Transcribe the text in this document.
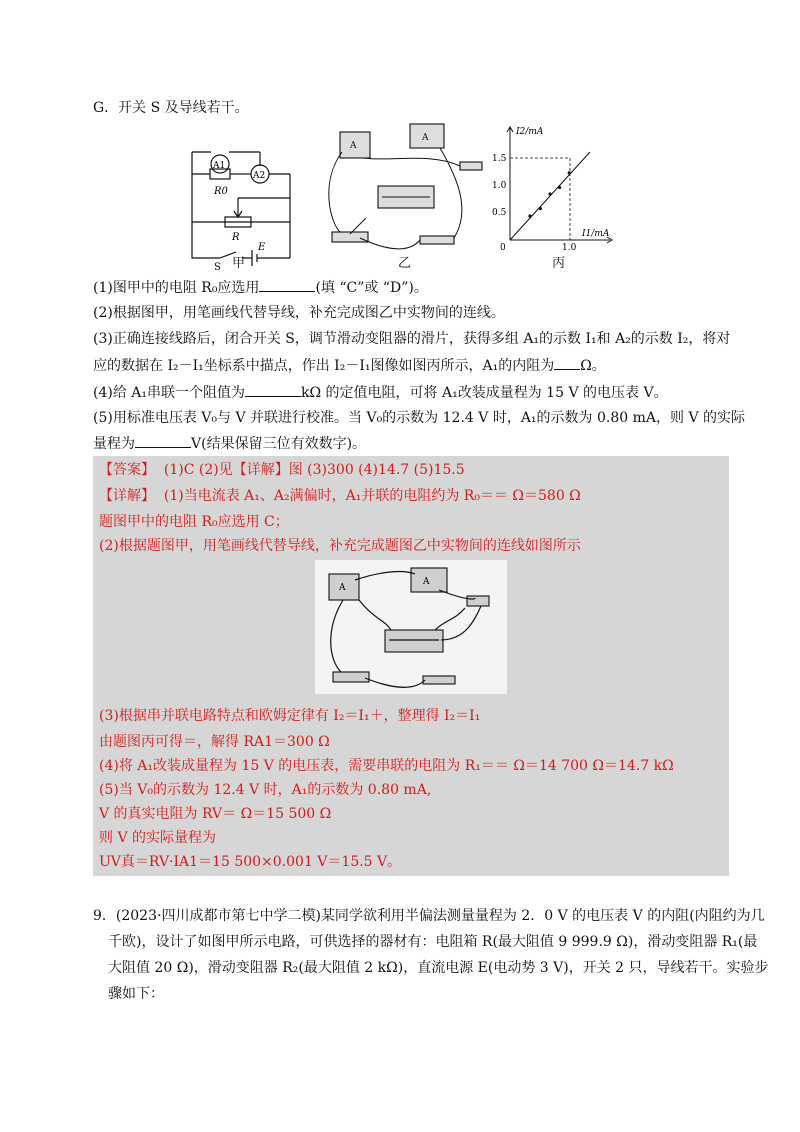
G．开关 S 及导线若干。
A1
A2
R0
R
S
E
甲
A
A
乙
I2/mA
I1/mA
1.5
1.0
0.5
1.0
0
丙
(1)图甲中的电阻 R₀应选用	(填 “C”或 “D”)。
(2)根据图甲，用笔画线代替导线，补充完成图乙中实物间的连线。
(3)正确连接线路后，闭合开关 S，调节滑动变阻器的滑片，获得多组 A₁的示数 I₁和 A₂的示数 I₂，将对
应的数据在 I₂－I₁坐标系中描点，作出 I₂－I₁图像如图丙所示，A₁的内阻为 Ω。
(4)给 A₁串联一个阻值为	kΩ 的定值电阻，可将 A₁改装成量程为 15 V 的电压表 V。
(5)用标准电压表 V₀与 V 并联进行校准。当 V₀的示数为 12.4 V 时，A₁的示数为 0.80 mA，则 V 的实际
量程为	V(结果保留三位有效数字)。
【答案】 (1)C (2)见【详解】图 (3)300 (4)14.7 (5)15.5
【详解】 (1)当电流表 A₁、A₂满偏时，A₁并联的电阻约为 R₀＝＝ Ω＝580 Ω
题图甲中的电阻 R₀应选用 C；
(2)根据题图甲，用笔画线代替导线，补充完成题图乙中实物间的连线如图所示
A
A
(3)根据串并联电路特点和欧姆定律有 I₂＝I₁＋，整理得 I₂＝I₁
由题图丙可得＝，解得 RA1＝300 Ω
(4)将 A₁改装成量程为 15 V 的电压表，需要串联的电阻为 R₁＝＝ Ω＝14 700 Ω＝14.7 kΩ
(5)当 V₀的示数为 12.4 V 时，A₁的示数为 0.80 mA,
V 的真实电阻为 RV＝ Ω＝15 500 Ω
则 V 的实际量程为
UV真＝RV·IA1＝15 500×0.001 V＝15.5 V。
9．(2023·四川成都市第七中学二模)某同学欲利用半偏法测量量程为 2．0 V 的电压表 V 的内阻(内阻约为几
千欧)，设计了如图甲所示电路，可供选择的器材有：电阻箱 R(最大阻值 9 999.9 Ω)，滑动变阻器 R₁(最
大阻值 20 Ω)，滑动变阻器 R₂(最大阻值 2 kΩ)，直流电源 E(电动势 3 V)，开关 2 只，导线若干。实验步
骤如下：
